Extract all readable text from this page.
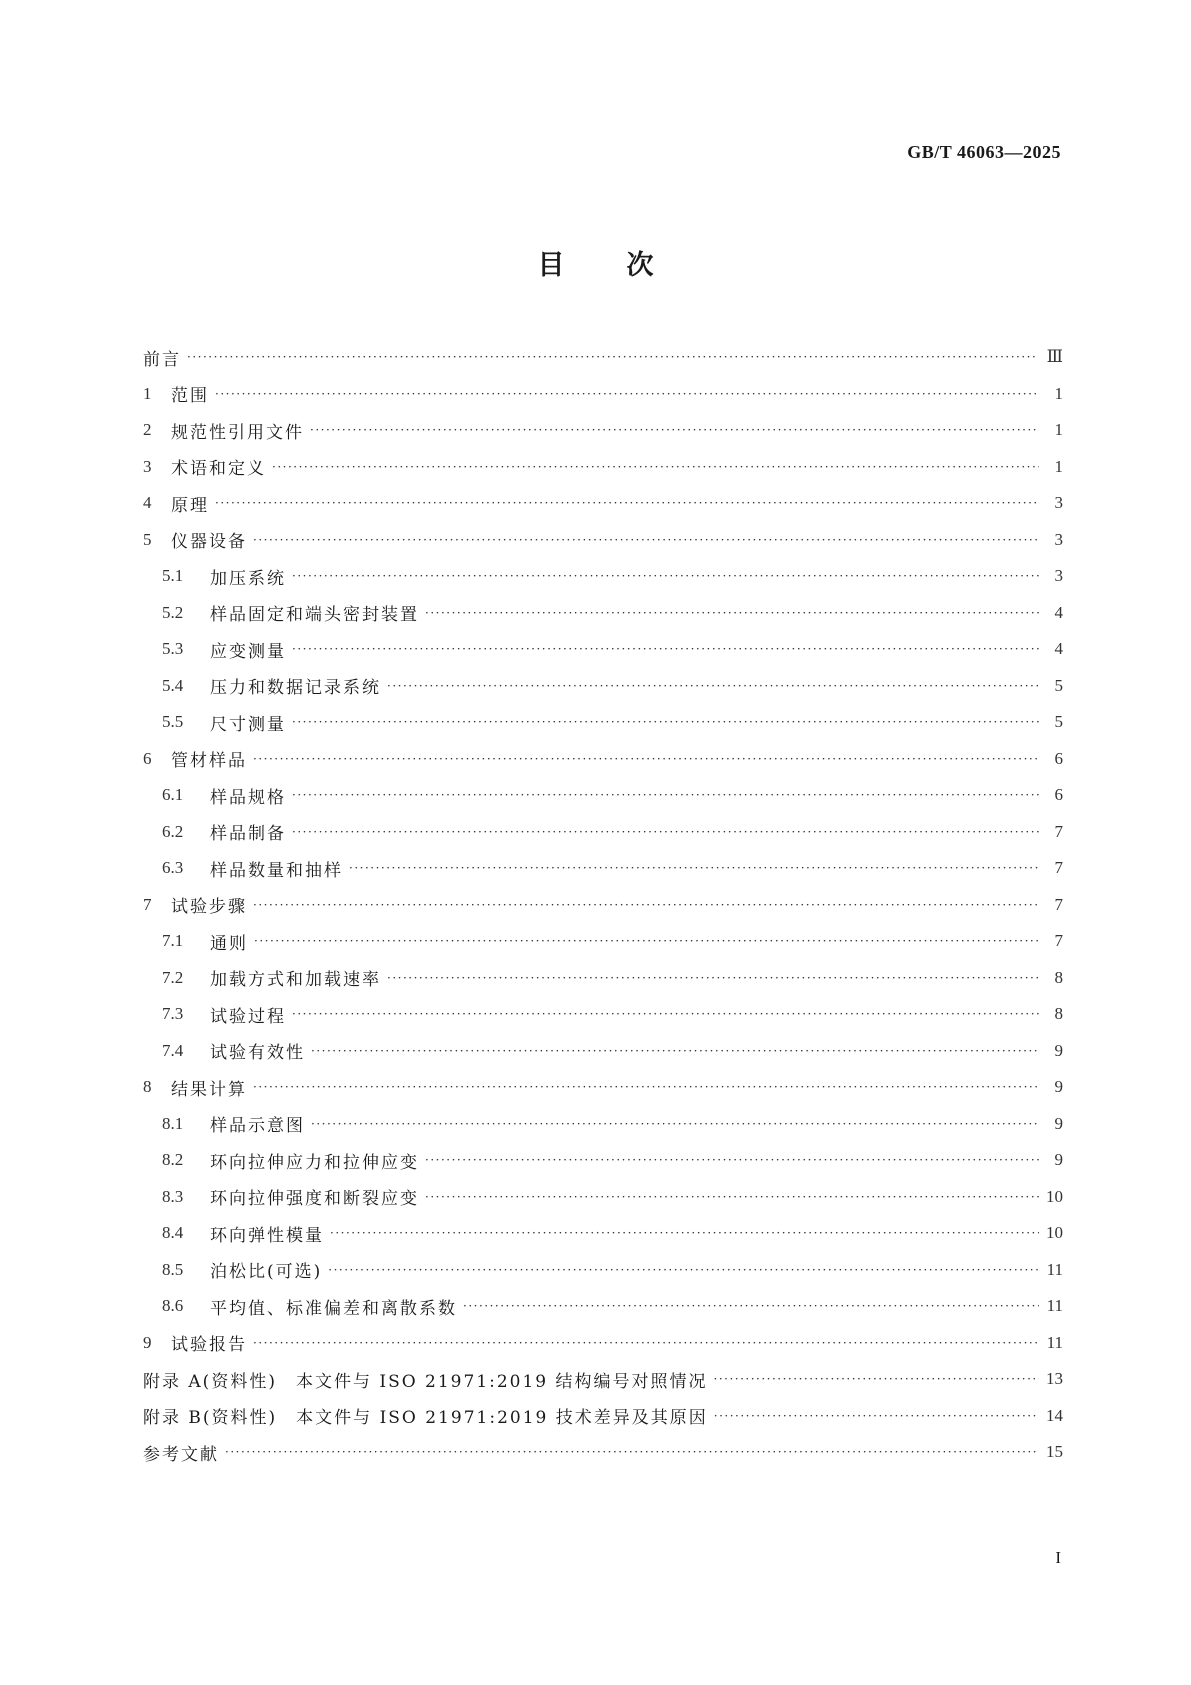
GB/T 46063—2025
目 次
前言 ·····	Ⅲ
1	范围 ·····	1
2	规范性引用文件 ·····	1
3	术语和定义 ·····	1
4	原理 ·····	3
5	仪器设备 ·····	3
5.1	加压系统 ·····	3
5.2	样品固定和端头密封装置 ·····	4
5.3	应变测量 ·····	4
5.4	压力和数据记录系统 ·····	5
5.5	尺寸测量 ·····	5
6	管材样品 ·····	6
6.1	样品规格 ·····	6
6.2	样品制备 ·····	7
6.3	样品数量和抽样 ·····	7
7	试验步骤 ·····	7
7.1	通则 ·····	7
7.2	加载方式和加载速率 ·····	8
7.3	试验过程 ·····	8
7.4	试验有效性 ·····	9
8	结果计算 ·····	9
8.1	样品示意图 ·····	9
8.2	环向拉伸应力和拉伸应变 ·····	9
8.3	环向拉伸强度和断裂应变 ·····	10
8.4	环向弹性模量 ·····	10
8.5	泊松比(可选) ·····	11
8.6	平均值、标准偏差和离散系数 ·····	11
9	试验报告 ·····	11
附录 A(资料性)　本文件与 ISO 21971:2019 结构编号对照情况 ·····	13
附录 B(资料性)　本文件与 ISO 21971:2019 技术差异及其原因 ·····	14
参考文献 ·····	15
I
